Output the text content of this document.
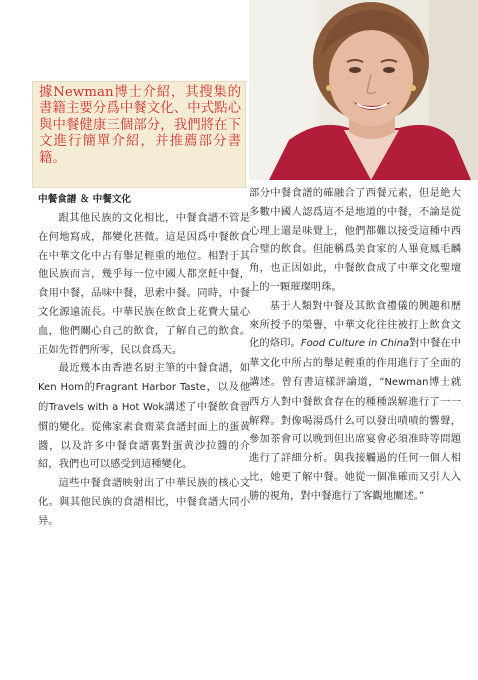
據Newman博士介紹，其搜集的書籍主要分爲中餐文化、中式點心與中餐健康三個部分，我們將在下文進行簡單介紹，并推薦部分書籍。
中餐食譜 ＆ 中餐文化

跟其他民族的文化相比，中餐食譜不管是在何地寫成，都變化甚微。這是因爲中餐飲食在中華文化中占有舉足輕重的地位。相對于其他民族而言，幾乎每一位中國人都烹飪中餐，食用中餐，品味中餐，思索中餐。同時，中餐文化源遠流長。中華民族在飲食上花費大量心血，他們關心自己的飲食，了解自己的飲食。正如先哲們所零，民以食爲天。

最近幾本由香港名厨主筆的中餐食譜，如Ken Hom的Fragrant Harbor Taste，以及他的Travels with a Hot Wok講述了中餐飲食習慣的變化。從佛家素食齋菜食譜封面上的蛋黄醬，以及許多中餐食譜裏對蛋黄沙拉醬的介紹，我們也可以感受到這種變化。

這些中餐食譜映射出了中華民族的核心文化。與其他民族的食譜相比，中餐食譜大同小异。

部分中餐食譜的確融合了西餐元素，但是絶大多數中國人認爲這不是地道的中餐，不論是從心理上還是味覺上，他們都難以接受這種中西合璧的飲食。但能稱爲美食家的人畢竟鳳毛麟角，也正因如此，中餐飲食成了中華文化聖壇上的一顆璀璨明珠。

基于人類對中餐及其飲食禮儀的興趣和歷來所授予的榮譽，中華文化往往被打上飲食文化的烙印。Food Culture in China對中餐在中華文化中所占的舉足輕重的作用進行了全面的講述。曾有書這樣評論道，“Newman博士就西方人對中餐飲食存在的種種誤解進行了一一解釋。對像喝湯爲什么可以發出嘖嘖的響聲，參加茶會可以晚到但出席宴會必須准時等問題進行了詳細分析。與我接觸過的任何一個人相比，她更了解中餐。她從一個准確而又引人入勝的視角，對中餐進行了客觀地闡述。”
